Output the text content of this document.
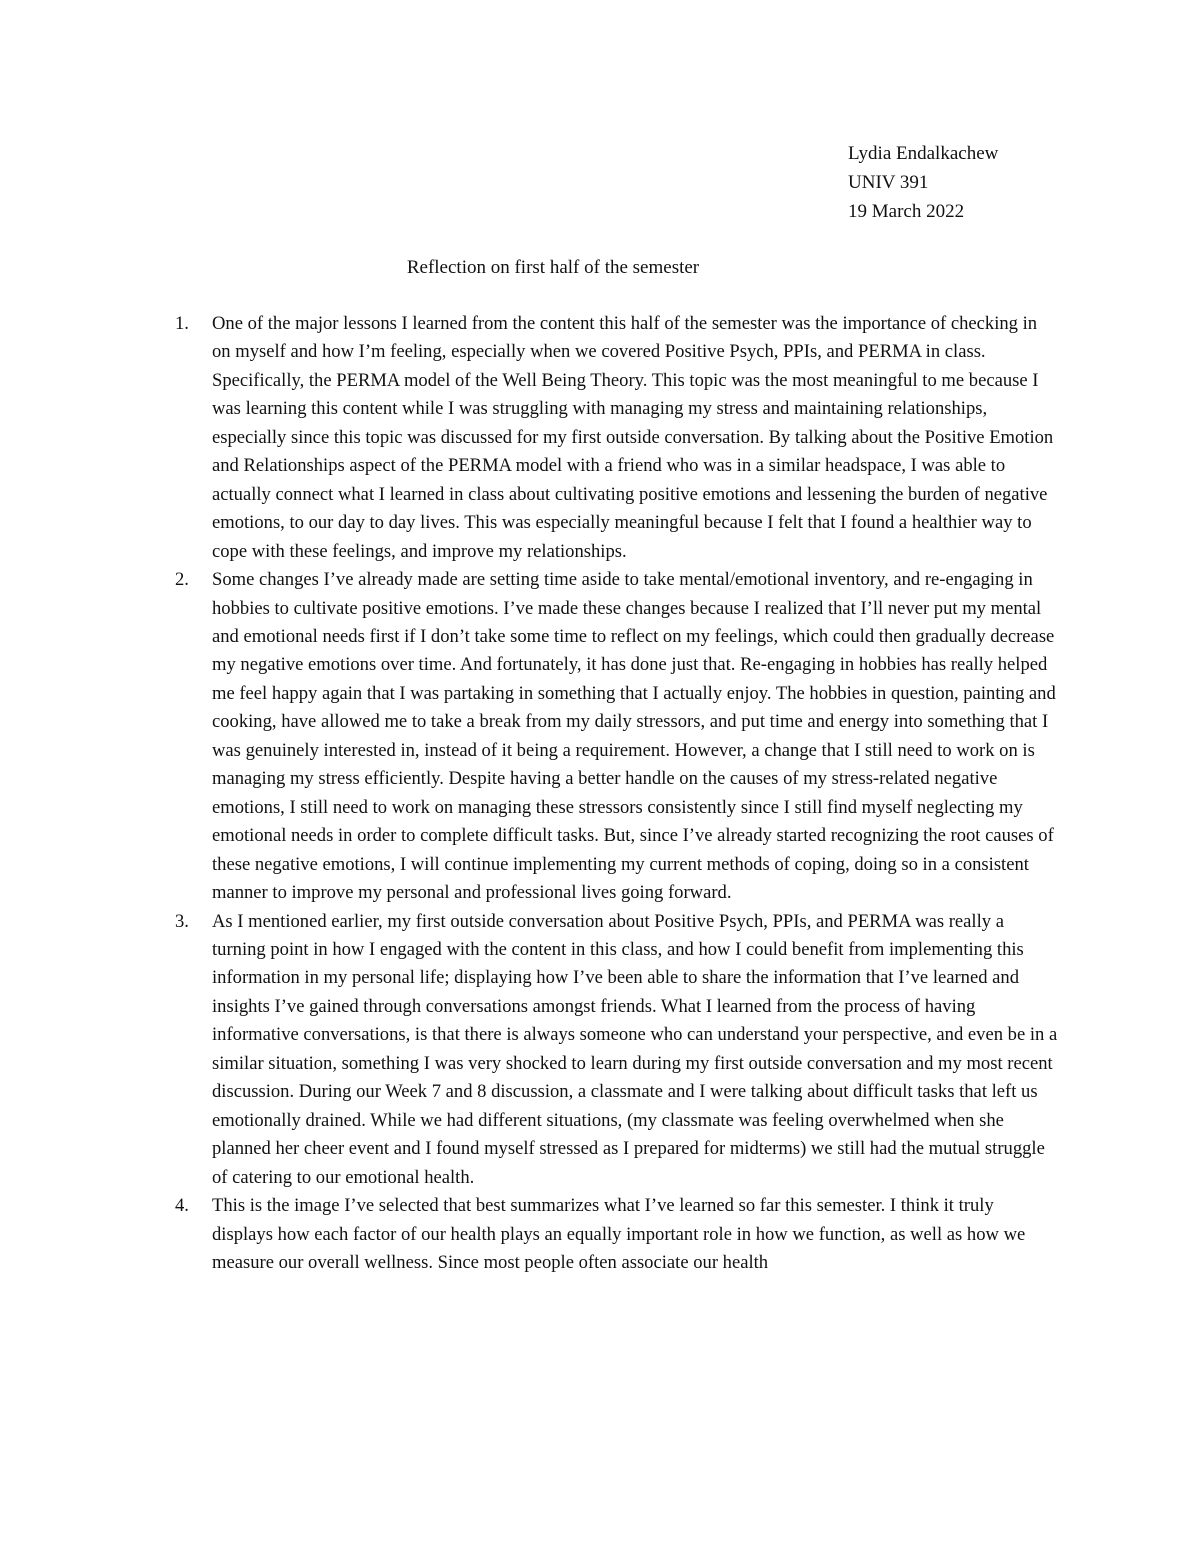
Lydia Endalkachew
UNIV 391
19 March 2022
Reflection on first half of the semester
1.	One of the major lessons I learned from the content this half of the semester was the importance of checking in on myself and how I’m feeling, especially when we covered Positive Psych, PPIs, and PERMA in class. Specifically, the PERMA model of the Well Being Theory. This topic was the most meaningful to me because I was learning this content while I was struggling with managing my stress and maintaining relationships, especially since this topic was discussed for my first outside conversation. By talking about the Positive Emotion and Relationships aspect of the PERMA model with a friend who was in a similar headspace, I was able to actually connect what I learned in class about cultivating positive emotions and lessening the burden of negative emotions, to our day to day lives. This was especially meaningful because I felt that I found a healthier way to cope with these feelings, and improve my relationships.
2.	Some changes I’ve already made are setting time aside to take mental/emotional inventory, and re-engaging in hobbies to cultivate positive emotions. I’ve made these changes because I realized that I’ll never put my mental and emotional needs first if I don’t take some time to reflect on my feelings, which could then gradually decrease my negative emotions over time. And fortunately, it has done just that. Re-engaging in hobbies has really helped me feel happy again that I was partaking in something that I actually enjoy. The hobbies in question, painting and cooking, have allowed me to take a break from my daily stressors, and put time and energy into something that I was genuinely interested in, instead of it being a requirement. However, a change that I still need to work on is managing my stress efficiently. Despite having a better handle on the causes of my stress-related negative emotions, I still need to work on managing these stressors consistently since I still find myself neglecting my emotional needs in order to complete difficult tasks. But, since I’ve already started recognizing the root causes of these negative emotions, I will continue implementing my current methods of coping, doing so in a consistent manner to improve my personal and professional lives going forward.
3.	As I mentioned earlier, my first outside conversation about Positive Psych, PPIs, and PERMA was really a turning point in how I engaged with the content in this class, and how I could benefit from implementing this information in my personal life; displaying how I’ve been able to share the information that I’ve learned and insights I’ve gained through conversations amongst friends. What I learned from the process of having informative conversations, is that there is always someone who can understand your perspective, and even be in a similar situation, something I was very shocked to learn during my first outside conversation and my most recent discussion. During our Week 7 and 8 discussion, a classmate and I were talking about difficult tasks that left us emotionally drained. While we had different situations, (my classmate was feeling overwhelmed when she planned her cheer event and I found myself stressed as I prepared for midterms) we still had the mutual struggle of catering to our emotional health.
4.	This is the image I’ve selected that best summarizes what I’ve learned so far this semester. I think it truly displays how each factor of our health plays an equally important role in how we function, as well as how we measure our overall wellness. Since most people often associate our health
